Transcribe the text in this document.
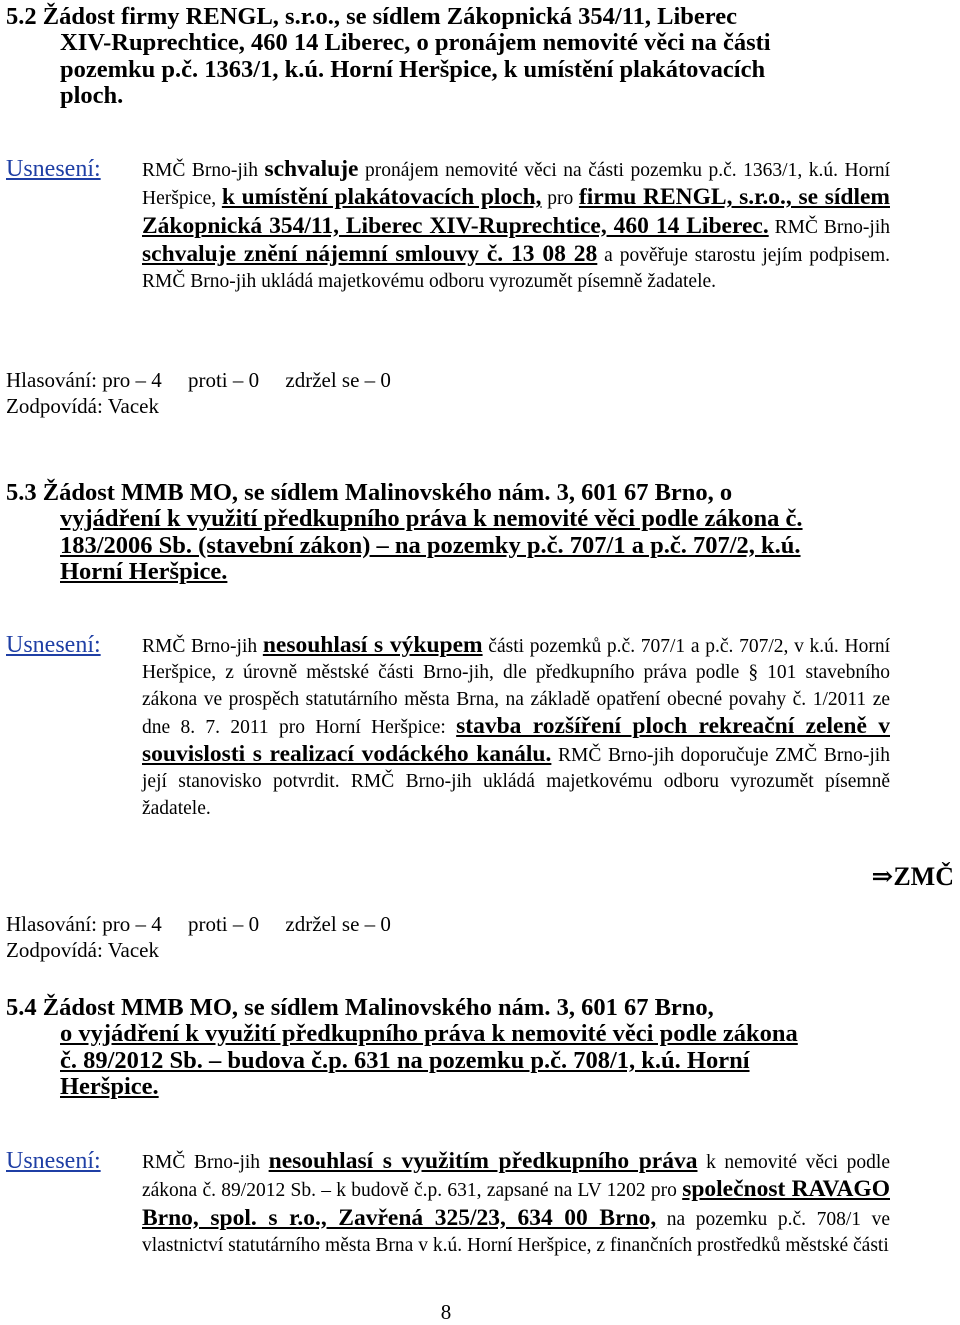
5.2 Žádost firmy RENGL, s.r.o., se sídlem Zákopnická 354/11, Liberec
XIV-Ruprechtice, 460 14 Liberec, o pronájem nemovité věci na části
pozemku p.č. 1363/1, k.ú. Horní Heršpice, k umístění plakátovacích
ploch.
Usnesení: RMČ Brno-jih schvaluje pronájem nemovité věci na části pozemku p.č. 1363/1, k.ú. Horní Heršpice, k umístění plakátovacích ploch, pro firmu RENGL, s.r.o., se sídlem Zákopnická 354/11, Liberec XIV-Ruprechtice, 460 14 Liberec. RMČ Brno-jih schvaluje znění nájemní smlouvy č. 13 08 28 a pověřuje starostu jejím podpisem. RMČ Brno-jih ukládá majetkovému odboru vyrozumět písemně žadatele.
Hlasování: pro – 4     proti – 0     zdržel se – 0
Zodpovídá: Vacek
5.3 Žádost MMB MO, se sídlem Malinovského nám. 3, 601 67 Brno, o
vyjádření k využití předkupního práva k nemovité věci podle zákona č.
183/2006 Sb. (stavební zákon) – na pozemky p.č. 707/1 a p.č. 707/2, k.ú.
Horní Heršpice.
Usnesení: RMČ Brno-jih nesouhlasí s výkupem části pozemků p.č. 707/1 a p.č. 707/2, v k.ú. Horní Heršpice, z úrovně městské části Brno-jih, dle předkupního práva podle § 101 stavebního zákona ve prospěch statutárního města Brna, na základě opatření obecné povahy č. 1/2011 ze dne 8. 7. 2011 pro Horní Heršpice: stavba rozšíření ploch rekreační zeleně v souvislosti s realizací vodáckého kanálu. RMČ Brno-jih doporučuje ZMČ Brno-jih její stanovisko potvrdit. RMČ Brno-jih ukládá majetkovému odboru vyrozumět písemně žadatele.
⇒ZMČ
Hlasování: pro – 4     proti – 0     zdržel se – 0
Zodpovídá: Vacek
5.4 Žádost MMB MO, se sídlem Malinovského nám. 3, 601 67 Brno,
o vyjádření k využití předkupního práva k nemovité věci podle zákona
č. 89/2012 Sb. – budova č.p. 631 na pozemku p.č. 708/1, k.ú. Horní
Heršpice.
Usnesení: RMČ Brno-jih nesouhlasí s využitím předkupního práva k nemovité věci podle zákona č. 89/2012 Sb. – k budově č.p. 631, zapsané na LV 1202 pro společnost RAVAGO Brno, spol. s r.o., Zavřená 325/23, 634 00 Brno, na pozemku p.č. 708/1 ve vlastnictví statutárního města Brna v k.ú. Horní Heršpice, z finančních prostředků městské části
8
